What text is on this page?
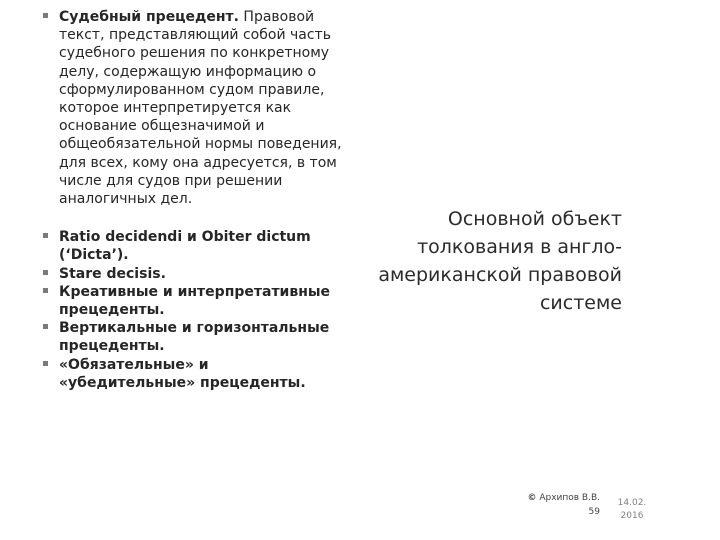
Судебный прецедент. Правовой текст, представляющий собой часть судебного решения по конкретному делу, содержащую информацию о сформулированном судом правиле, которое интерпретируется как основание общезначимой и общеобязательной нормы поведения, для всех, кому она адресуется, в том числе для судов при решении аналогичных дел.
Ratio decidendi и Obiter dictum (‘Dicta’).
Stare decisis.
Креативные и интерпретативные прецеденты.
Вертикальные и горизонтальные прецеденты.
«Обязательные» и «убедительные» прецеденты.
Основной объект толкования в англо-американской правовой системе
© Архипов В.В.
59
14.02.
2016
